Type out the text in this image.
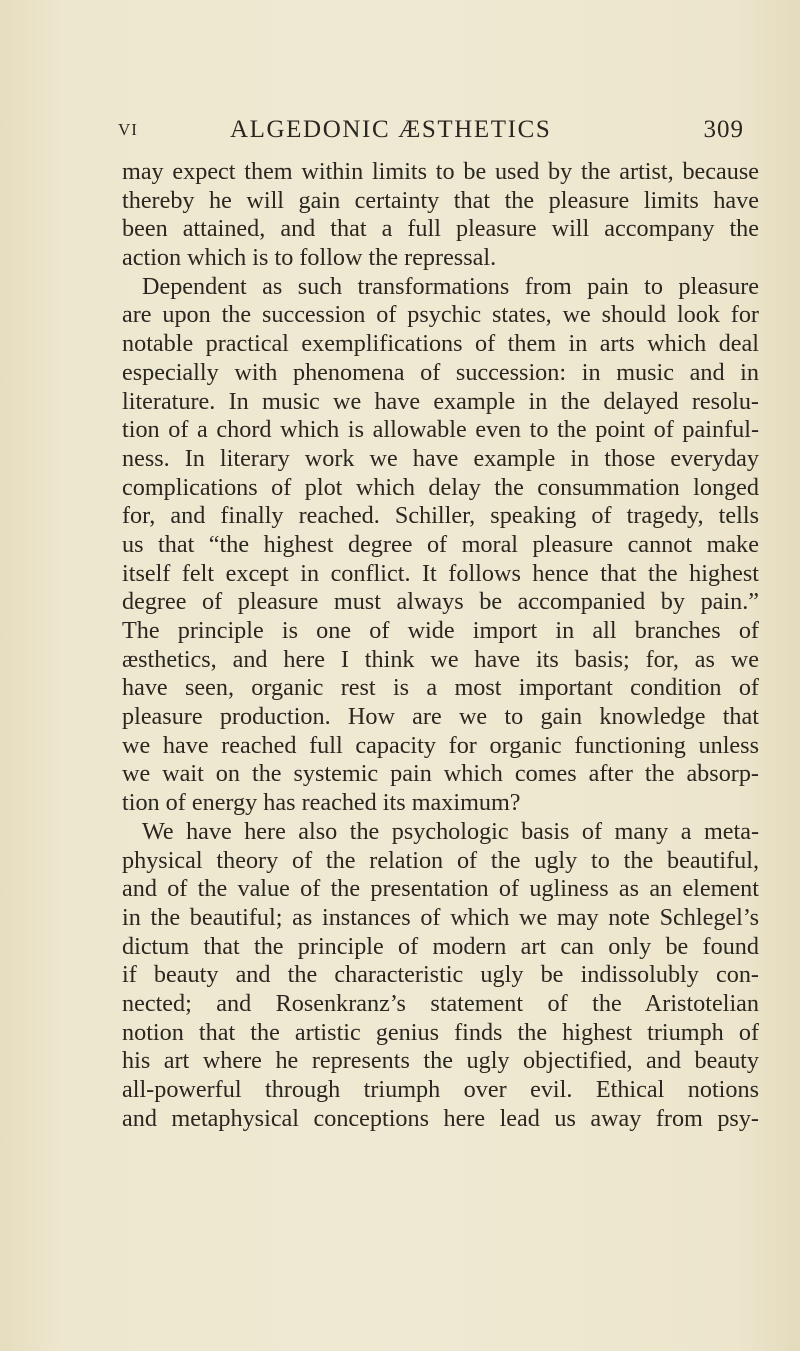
VI	ALGEDONIC ÆSTHETICS	309
may expect them within limits to be used by the artist, because
thereby he will gain certainty that the pleasure limits have
been attained, and that a full pleasure will accompany the
action which is to follow the repressal.
Dependent as such transformations from pain to pleasure
are upon the succession of psychic states, we should look for
notable practical exemplifications of them in arts which deal
especially with phenomena of succession: in music and in
literature. In music we have example in the delayed resolu-
tion of a chord which is allowable even to the point of painful-
ness. In literary work we have example in those everyday
complications of plot which delay the consummation longed
for, and finally reached. Schiller, speaking of tragedy, tells
us that “the highest degree of moral pleasure cannot make
itself felt except in conflict. It follows hence that the highest
degree of pleasure must always be accompanied by pain.”
The principle is one of wide import in all branches of
æsthetics, and here I think we have its basis; for, as we
have seen, organic rest is a most important condition of
pleasure production. How are we to gain knowledge that
we have reached full capacity for organic functioning unless
we wait on the systemic pain which comes after the absorp-
tion of energy has reached its maximum?
We have here also the psychologic basis of many a meta-
physical theory of the relation of the ugly to the beautiful,
and of the value of the presentation of ugliness as an element
in the beautiful; as instances of which we may note Schlegel’s
dictum that the principle of modern art can only be found
if beauty and the characteristic ugly be indissolubly con-
nected; and Rosenkranz’s statement of the Aristotelian
notion that the artistic genius finds the highest triumph of
his art where he represents the ugly objectified, and beauty
all-powerful through triumph over evil. Ethical notions
and metaphysical conceptions here lead us away from psy-
